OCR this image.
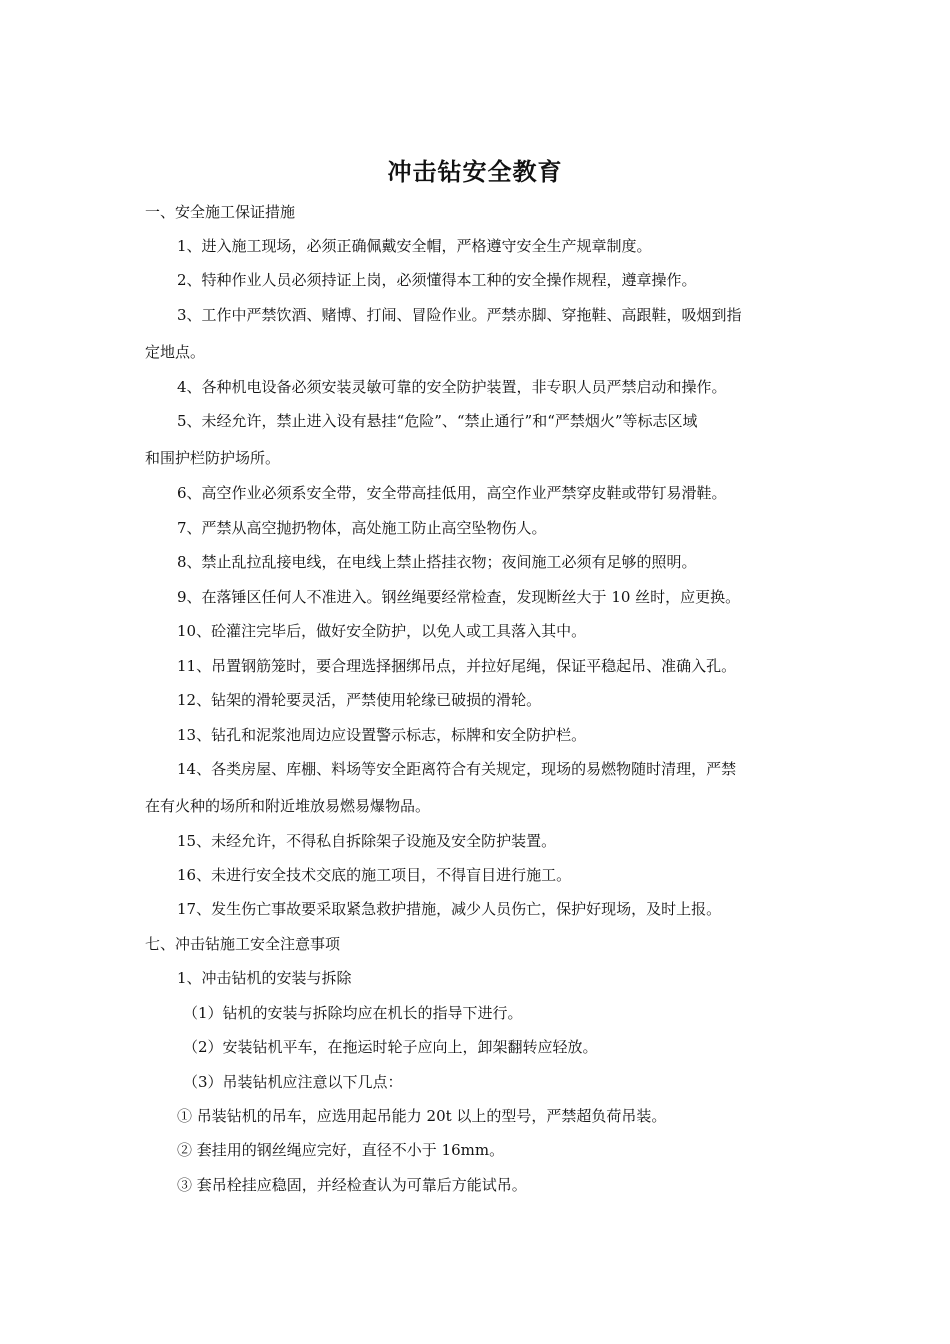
冲击钻安全教育
一、安全施工保证措施
1、进入施工现场，必须正确佩戴安全帽，严格遵守安全生产规章制度。
2、特种作业人员必须持证上岗，必须懂得本工种的安全操作规程，遵章操作。
3、工作中严禁饮酒、赌博、打闹、冒险作业。严禁赤脚、穿拖鞋、高跟鞋，吸烟到指
定地点。
4、各种机电设备必须安装灵敏可靠的安全防护装置，非专职人员严禁启动和操作。
5、未经允许，禁止进入设有悬挂“危险”、“禁止通行”和“严禁烟火”等标志区域
和围护栏防护场所。
6、高空作业必须系安全带，安全带高挂低用，高空作业严禁穿皮鞋或带钉易滑鞋。
7、严禁从高空抛扔物体，高处施工防止高空坠物伤人。
8、禁止乱拉乱接电线，在电线上禁止搭挂衣物；夜间施工必须有足够的照明。
9、在落锤区任何人不准进入。钢丝绳要经常检查，发现断丝大于 10 丝时，应更换。
10、砼灌注完毕后，做好安全防护，以免人或工具落入其中。
11、吊置钢筋笼时，要合理选择捆绑吊点，并拉好尾绳，保证平稳起吊、准确入孔。
12、钻架的滑轮要灵活，严禁使用轮缘已破损的滑轮。
13、钻孔和泥浆池周边应设置警示标志，标牌和安全防护栏。
14、各类房屋、库棚、料场等安全距离符合有关规定，现场的易燃物随时清理，严禁
在有火种的场所和附近堆放易燃易爆物品。
15、未经允许，不得私自拆除架子设施及安全防护装置。
16、未进行安全技术交底的施工项目，不得盲目进行施工。
17、发生伤亡事故要采取紧急救护措施，减少人员伤亡，保护好现场，及时上报。
七、冲击钻施工安全注意事项
1、冲击钻机的安装与拆除
（1）钻机的安装与拆除均应在机长的指导下进行。
（2）安装钻机平车，在拖运时轮子应向上，卸架翻转应轻放。
（3）吊装钻机应注意以下几点：
① 吊装钻机的吊车，应选用起吊能力 20t 以上的型号，严禁超负荷吊装。
② 套挂用的钢丝绳应完好，直径不小于 16mm。
③ 套吊栓挂应稳固，并经检查认为可靠后方能试吊。
